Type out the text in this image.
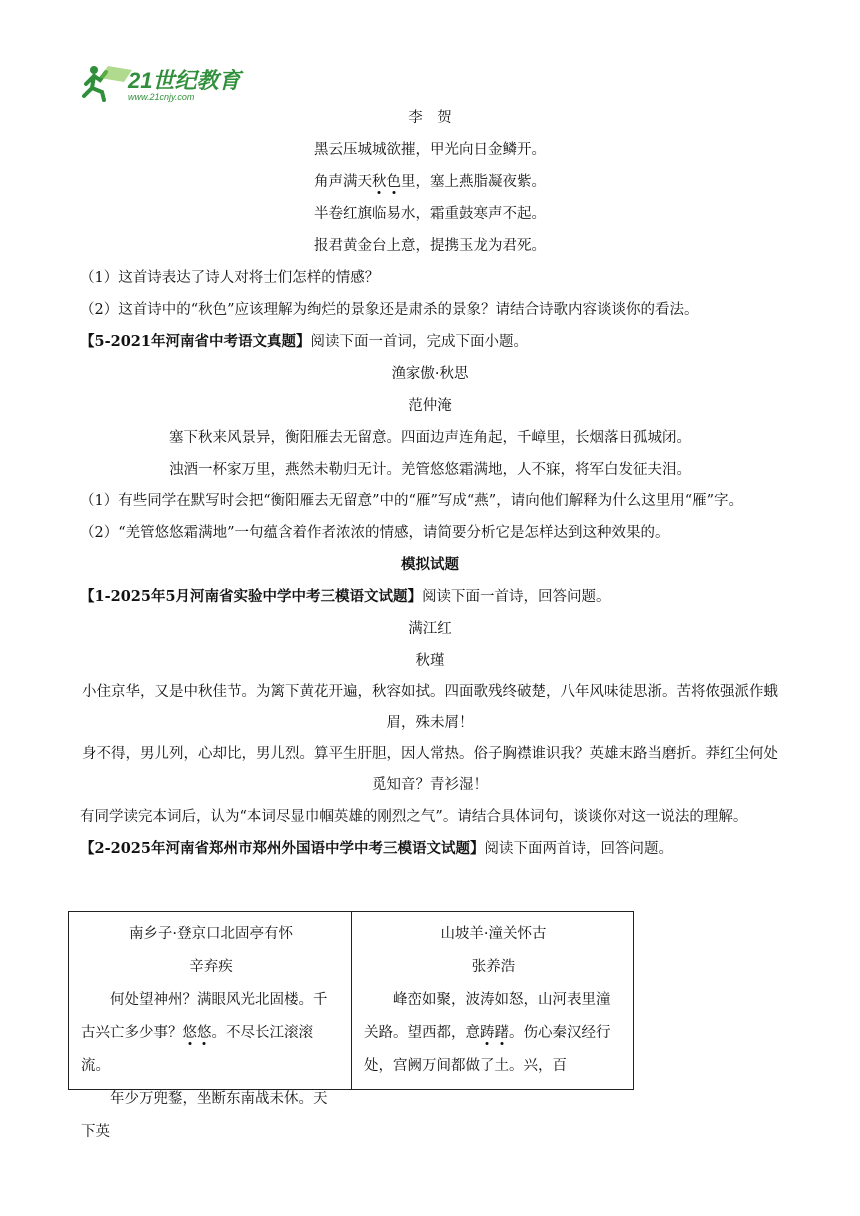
21世纪教育
www.21cnjy.com

李　贺

黑云压城城欲摧，甲光向日金鳞开。

角声满天秋色里，塞上燕脂凝夜紫。

半卷红旗临易水，霜重鼓寒声不起。

报君黄金台上意，提携玉龙为君死。

（1）这首诗表达了诗人对将士们怎样的情感？

（2）这首诗中的“秋色”应该理解为绚烂的景象还是肃杀的景象？请结合诗歌内容谈谈你的看法。

【5-2021年河南省中考语文真题】阅读下面一首词，完成下面小题。

渔家傲·秋思

范仲淹

塞下秋来风景异，衡阳雁去无留意。四面边声连角起，千嶂里，长烟落日孤城闭。

浊酒一杯家万里，燕然未勒归无计。羌管悠悠霜满地，人不寐，将军白发征夫泪。

（1）有些同学在默写时会把“衡阳雁去无留意”中的“雁”写成“燕”，请向他们解释为什么这里用“雁”字。

（2）“羌管悠悠霜满地”一句蕴含着作者浓浓的情感，请简要分析它是怎样达到这种效果的。

模拟试题

【1-2025年5月河南省实验中学中考三模语文试题】阅读下面一首诗，回答问题。

满江红

秋瑾

小住京华，又是中秋佳节。为篱下黄花开遍，秋容如拭。四面歌残终破楚，八年风味徒思浙。苦将侬强派作蛾眉，殊未屑！

身不得，男儿列，心却比，男儿烈。算平生肝胆，因人常热。俗子胸襟谁识我？英雄末路当磨折。莽红尘何处觅知音？青衫湿！

有同学读完本词后，认为“本词尽显巾帼英雄的刚烈之气”。请结合具体词句，谈谈你对这一说法的理解。

【2-2025年河南省郑州市郑州外国语中学中考三模语文试题】阅读下面两首诗，回答问题。

南乡子·登京口北固亭有怀
辛弃疾
何处望神州？满眼风光北固楼。千古兴亡多少事？悠悠。不尽长江滚滚流。
年少万兜鍪，坐断东南战未休。天下英
山坡羊·潼关怀古
张养浩
峰峦如聚，波涛如怒，山河表里潼关路。望西都，意踌躇。伤心秦汉经行处，宫阙万间都做了土。兴，百
